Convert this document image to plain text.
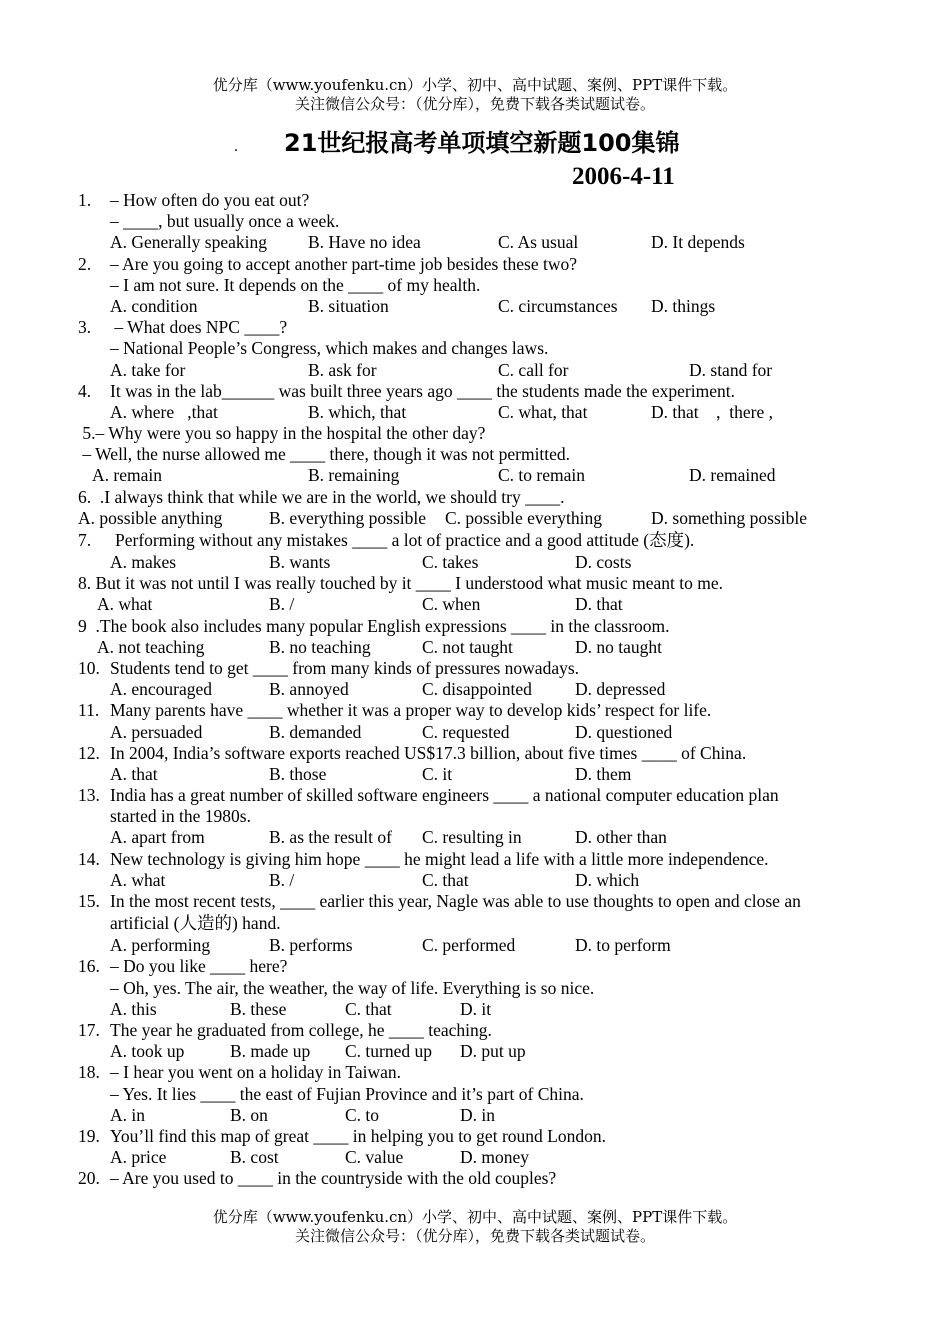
优分库（www.youfenku.cn）小学、初中、高中试题、案例、PPT课件下载。
关注微信公众号：（优分库），免费下载各类试题试卷。
. 21世纪报高考单项填空新题100集锦
2006-4-11
1. – How often do you eat out?
– ____, but usually once a week.
A. Generally speaking B. Have no idea	C. As usual	D. It depends
2. – Are you going to accept another part-time job besides these two?
– I am not sure. It depends on the ____ of my health.
A. condition	B. situation	C. circumstances D. things
3. – What does NPC ____?
– National People’s Congress, which makes and changes laws.
A. take for	B. ask for	C. call for	D. stand for
4. It was in the lab______ was built three years ago ____ the students made the experiment.
A. where   ,that	B. which, that	C. what, that	D. that    ,  there ,
5.– Why were you so happy in the hospital the other day?
– Well, the nurse allowed me ____ there, though it was not permitted.
A. remain	B. remaining	C. to remain	D. remained
6.  .I always think that while we are in the world, we should try ____.
A. possible anything	B. everything possible C. possible everything	D. something possible
7. Performing without any mistakes ____ a lot of practice and a good attitude (态度).
A. makes	B. wants	C. takes	D. costs
8. But it was not until I was really touched by it ____ I understood what music meant to me.
A. what	B. /	C. when	D. that
9  .The book also includes many popular English expressions ____ in the classroom.
A. not teaching	B. no teaching	C. not taught	D. no taught
10. Students tend to get ____ from many kinds of pressures nowadays.
A. encouraged	B. annoyed	C. disappointed D. depressed
11. Many parents have ____ whether it was a proper way to develop kids’ respect for life.
A. persuaded	B. demanded	C. requested	D. questioned
12. In 2004, India’s software exports reached US$17.3 billion, about five times ____ of China.
A. that	B. those	C. it	D. them
13. India has a great number of skilled software engineers ____ a national computer education plan
started in the 1980s.
A. apart from	B. as the result of C. resulting in	D. other than
14. New technology is giving him hope ____ he might lead a life with a little more independence.
A. what	B. /	C. that	D. which
15. In the most recent tests, ____ earlier this year, Nagle was able to use thoughts to open and close an
artificial (人造的) hand.
A. performing	B. performs	C. performed	D. to perform
16. – Do you like ____ here?
– Oh, yes. The air, the weather, the way of life. Everything is so nice.
A. this	B. these	C. that	D. it
17. The year he graduated from college, he ____ teaching.
A. took up	B. made up C. turned up D. put up
18. – I hear you went on a holiday in Taiwan.
– Yes. It lies ____ the east of Fujian Province and it’s part of China.
A. in	B. on	C. to	D. in
19. You’ll find this map of great ____ in helping you to get round London.
A. price	B. cost	C. value	D. money
20. – Are you used to ____ in the countryside with the old couples?
优分库（www.youfenku.cn）小学、初中、高中试题、案例、PPT课件下载。
关注微信公众号：（优分库），免费下载各类试题试卷。
